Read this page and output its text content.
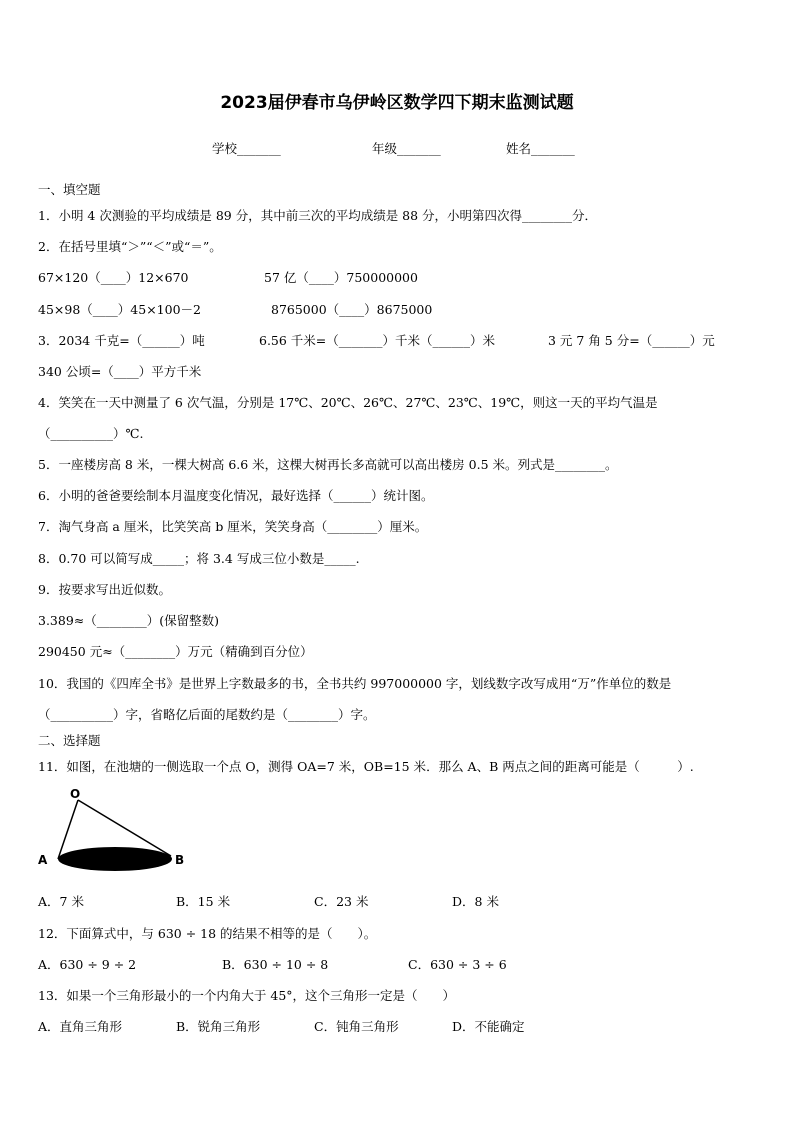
2023届伊春市乌伊岭区数学四下期末监测试题
学校_______	年级_______	姓名_______
一、填空题
1．小明 4 次测验的平均成绩是 89 分，其中前三次的平均成绩是 88 分，小明第四次得________分．
2．在括号里填“＞”“＜”或“＝”。
67×120（____）12×670	57 亿（____）750000000
45×98（____）45×100－2	8765000（____）8675000
3．2034 千克=（______）吨	6.56 千米=（_______）千米（______）米	3 元 7 角 5 分=（______）元
340 公顷=（____）平方千米
4．笑笑在一天中测量了 6 次气温，分别是 17℃、20℃、26℃、27℃、23℃、19℃，则这一天的平均气温是
（__________）℃.
5．一座楼房高 8 米，一棵大树高 6.6 米，这棵大树再长多高就可以高出楼房 0.5 米。列式是________。
6．小明的爸爸要绘制本月温度变化情况，最好选择（______）统计图。
7．淘气身高 a 厘米，比笑笑高 b 厘米，笑笑身高（________）厘米。
8．0.70 可以简写成_____；将 3.4 写成三位小数是_____.
9．按要求写出近似数。
3.389≈（________）(保留整数)
290450 元≈（________）万元（精确到百分位）
10．我国的《四库全书》是世界上字数最多的书，全书共约 997000000 字，划线数字改写成用“万”作单位的数是
（__________）字，省略亿后面的尾数约是（________）字。
二、选择题
11．如图，在池塘的一侧选取一个点 O，测得 OA=7 米，OB=15 米．那么 A、B 两点之间的距离可能是（　　　）.
O
A	B
A．7 米	B．15 米	C．23 米	D．8 米
12．下面算式中，与 630 ÷ 18 的结果不相等的是（　　）。
A．630 ÷ 9 ÷ 2	B．630 ÷ 10 ÷ 8	C．630 ÷ 3 ÷ 6
13．如果一个三角形最小的一个内角大于 45°，这个三角形一定是（　　）
A．直角三角形	B．锐角三角形	C．钝角三角形	D．不能确定
